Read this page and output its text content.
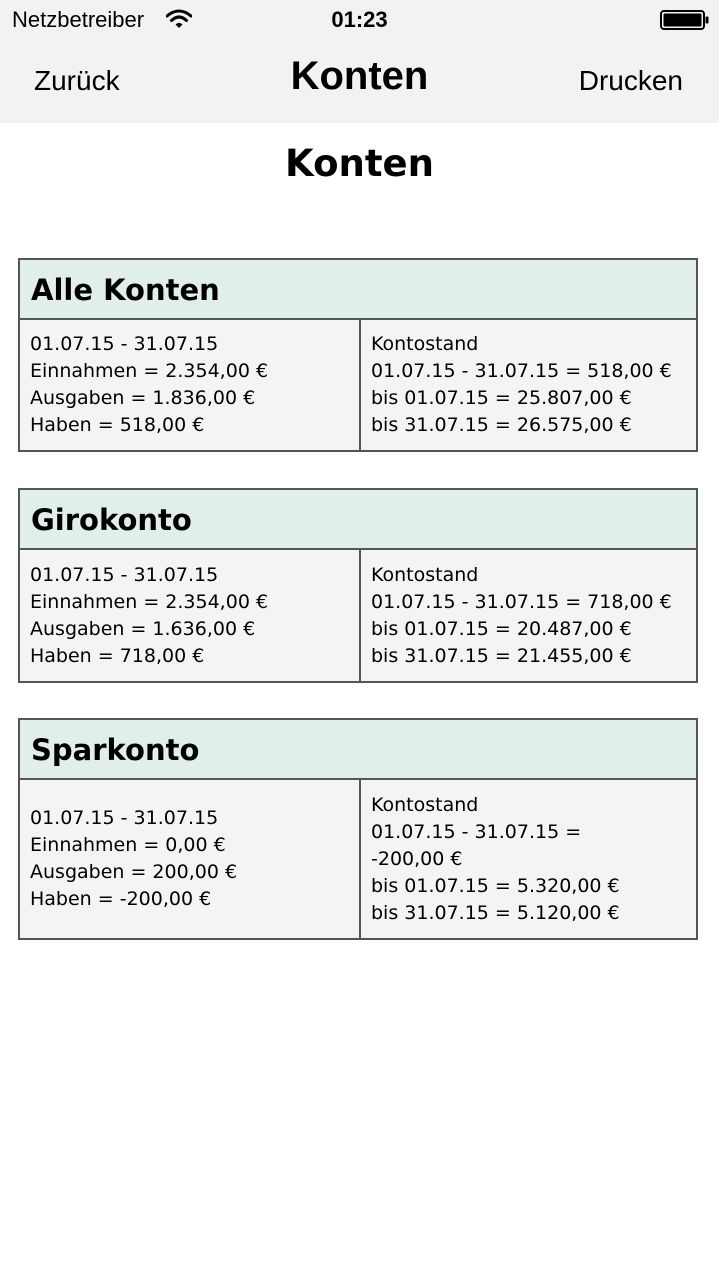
Netzbetreiber	01:23
Zurück	Konten	Drucken
Konten
Alle Konten
01.07.15 - 31.07.15
Einnahmen = 2.354,00 €
Ausgaben = 1.836,00 €
Haben = 518,00 €
Kontostand
01.07.15 - 31.07.15 = 518,00 €
bis 01.07.15 = 25.807,00 €
bis 31.07.15 = 26.575,00 €
Girokonto
01.07.15 - 31.07.15
Einnahmen = 2.354,00 €
Ausgaben = 1.636,00 €
Haben = 718,00 €
Kontostand
01.07.15 - 31.07.15 = 718,00 €
bis 01.07.15 = 20.487,00 €
bis 31.07.15 = 21.455,00 €
Sparkonto
01.07.15 - 31.07.15
Einnahmen = 0,00 €
Ausgaben = 200,00 €
Haben = -200,00 €
Kontostand
01.07.15 - 31.07.15 =
-200,00 €
bis 01.07.15 = 5.320,00 €
bis 31.07.15 = 5.120,00 €
